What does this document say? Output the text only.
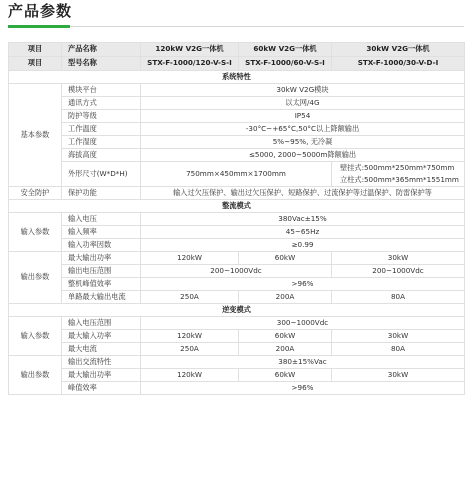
产品参数
项目	产品名称	120kW V2G一体机	60kW V2G一体机	30kW V2G一体机
项目	型号名称	STX-F-1000/120-V-S-Ⅰ	STX-F-1000/60-V-S-Ⅰ	STX-F-1000/30-V-D-Ⅰ
系统特性				
基本参数	模块平台	30kW V2G模块		
	通讯方式	以太网/4G		
	防护等级	IP54		
	工作温度	-30°C~+65°C,50°C以上降额输出		
	工作湿度	5%~95%, 无冷凝		
	海拔高度	≤5000, 2000~5000m降额输出		
	外形尺寸(W*D*H)	750mm×450mm×1700mm		壁挂式:500mm*250mm*750mm
立柱式:500mm*365mm*1551mm

安全防护	保护功能	输入过欠压保护、输出过欠压保护、短路保护、过流保护等过温保护、防雷保护等		
整流模式				
输入参数	输入电压	380Vac±15%		
	输入频率	45~65Hz		
	输入功率因数	≥0.99		
输出参数	最大输出功率	120kW	60kW	30kW
	输出电压范围	200~1000Vdc		200~1000Vdc
	整机峰值效率	>96%		
	单路最大输出电流	250A	200A	80A
逆变模式				
输入参数	输入电压范围	300~1000Vdc		
	最大输入功率	120kW	60kW	30kW
	最大电流	250A	200A	80A
输出参数	输出交流特性	380±15%Vac		
	最大输出功率	120kW	60kW	30kW
	峰值效率	>96%		
